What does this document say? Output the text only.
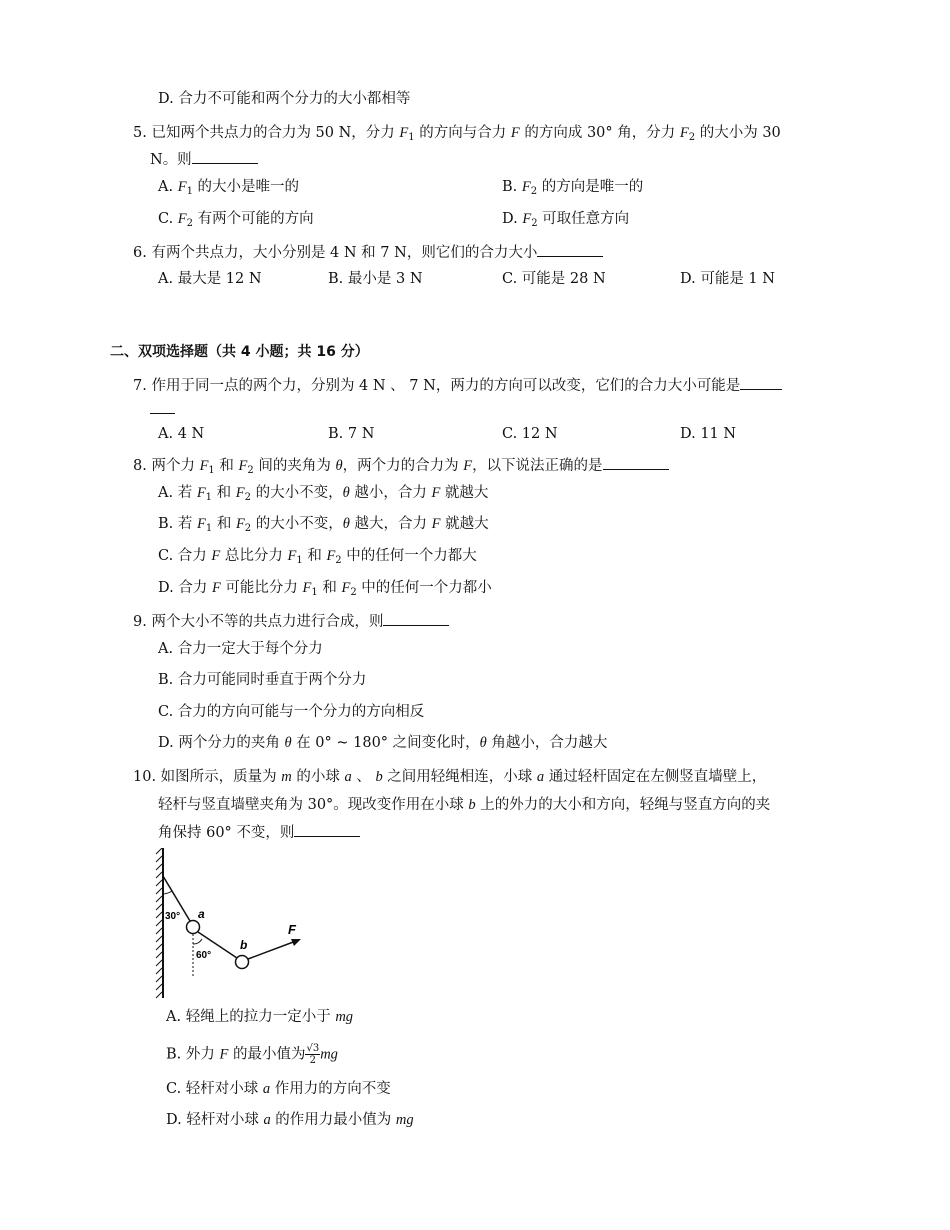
D. 合力不可能和两个分力的大小都相等
5. 已知两个共点力的合力为 50 N，分力 $F_1$ 的方向与合力 F 的方向成 30° 角，分力 $F_2$ 的大小为 30
N。则
A. $F_1$ 的大小是唯一的	B. $F_2$ 的方向是唯一的
C. $F_2$ 有两个可能的方向	D. $F_2$ 可取任意方向
6. 有两个共点力，大小分别是 4 N 和 7 N，则它们的合力大小
A. 最大是 12 N	B. 最小是 3 N	C. 可能是 28 N	D. 可能是 1 N
二、双项选择题（共 4 小题；共 16 分）
7. 作用于同一点的两个力，分别为 4 N 、 7 N，两力的方向可以改变，它们的合力大小可能是
A. 4 N	B. 7 N	C. 12 N	D. 11 N
8. 两个力 $F_1$ 和 $F_2$ 间的夹角为 θ，两个力的合力为 F，以下说法正确的是
A. 若 $F_1$ 和 $F_2$ 的大小不变，θ 越小，合力 F 就越大
B. 若 $F_1$ 和 $F_2$ 的大小不变，θ 越大，合力 F 就越大
C. 合力 F 总比分力 $F_1$ 和 $F_2$ 中的任何一个力都大
D. 合力 F 可能比分力 $F_1$ 和 $F_2$ 中的任何一个力都小
9. 两个大小不等的共点力进行合成，则
A. 合力一定大于每个分力
B. 合力可能同时垂直于两个分力
C. 合力的方向可能与一个分力的方向相反
D. 两个分力的夹角 θ 在 0° ~ 180° 之间变化时，θ 角越小，合力越大
10. 如图所示，质量为 m 的小球 a 、 b 之间用轻绳相连，小球 a 通过轻杆固定在左侧竖直墙壁上，
轻杆与竖直墙壁夹角为 30°。现改变作用在小球 b 上的外力的大小和方向，轻绳与竖直方向的夹
角保持 60° 不变，则
30° a
60°
b
F
A. 轻绳上的拉力一定小于 mg
B. 外力 F 的最小值为 $\frac{√3}{2}$ mg
C. 轻杆对小球 a 作用力的方向不变
D. 轻杆对小球 a 的作用力最小值为 mg
